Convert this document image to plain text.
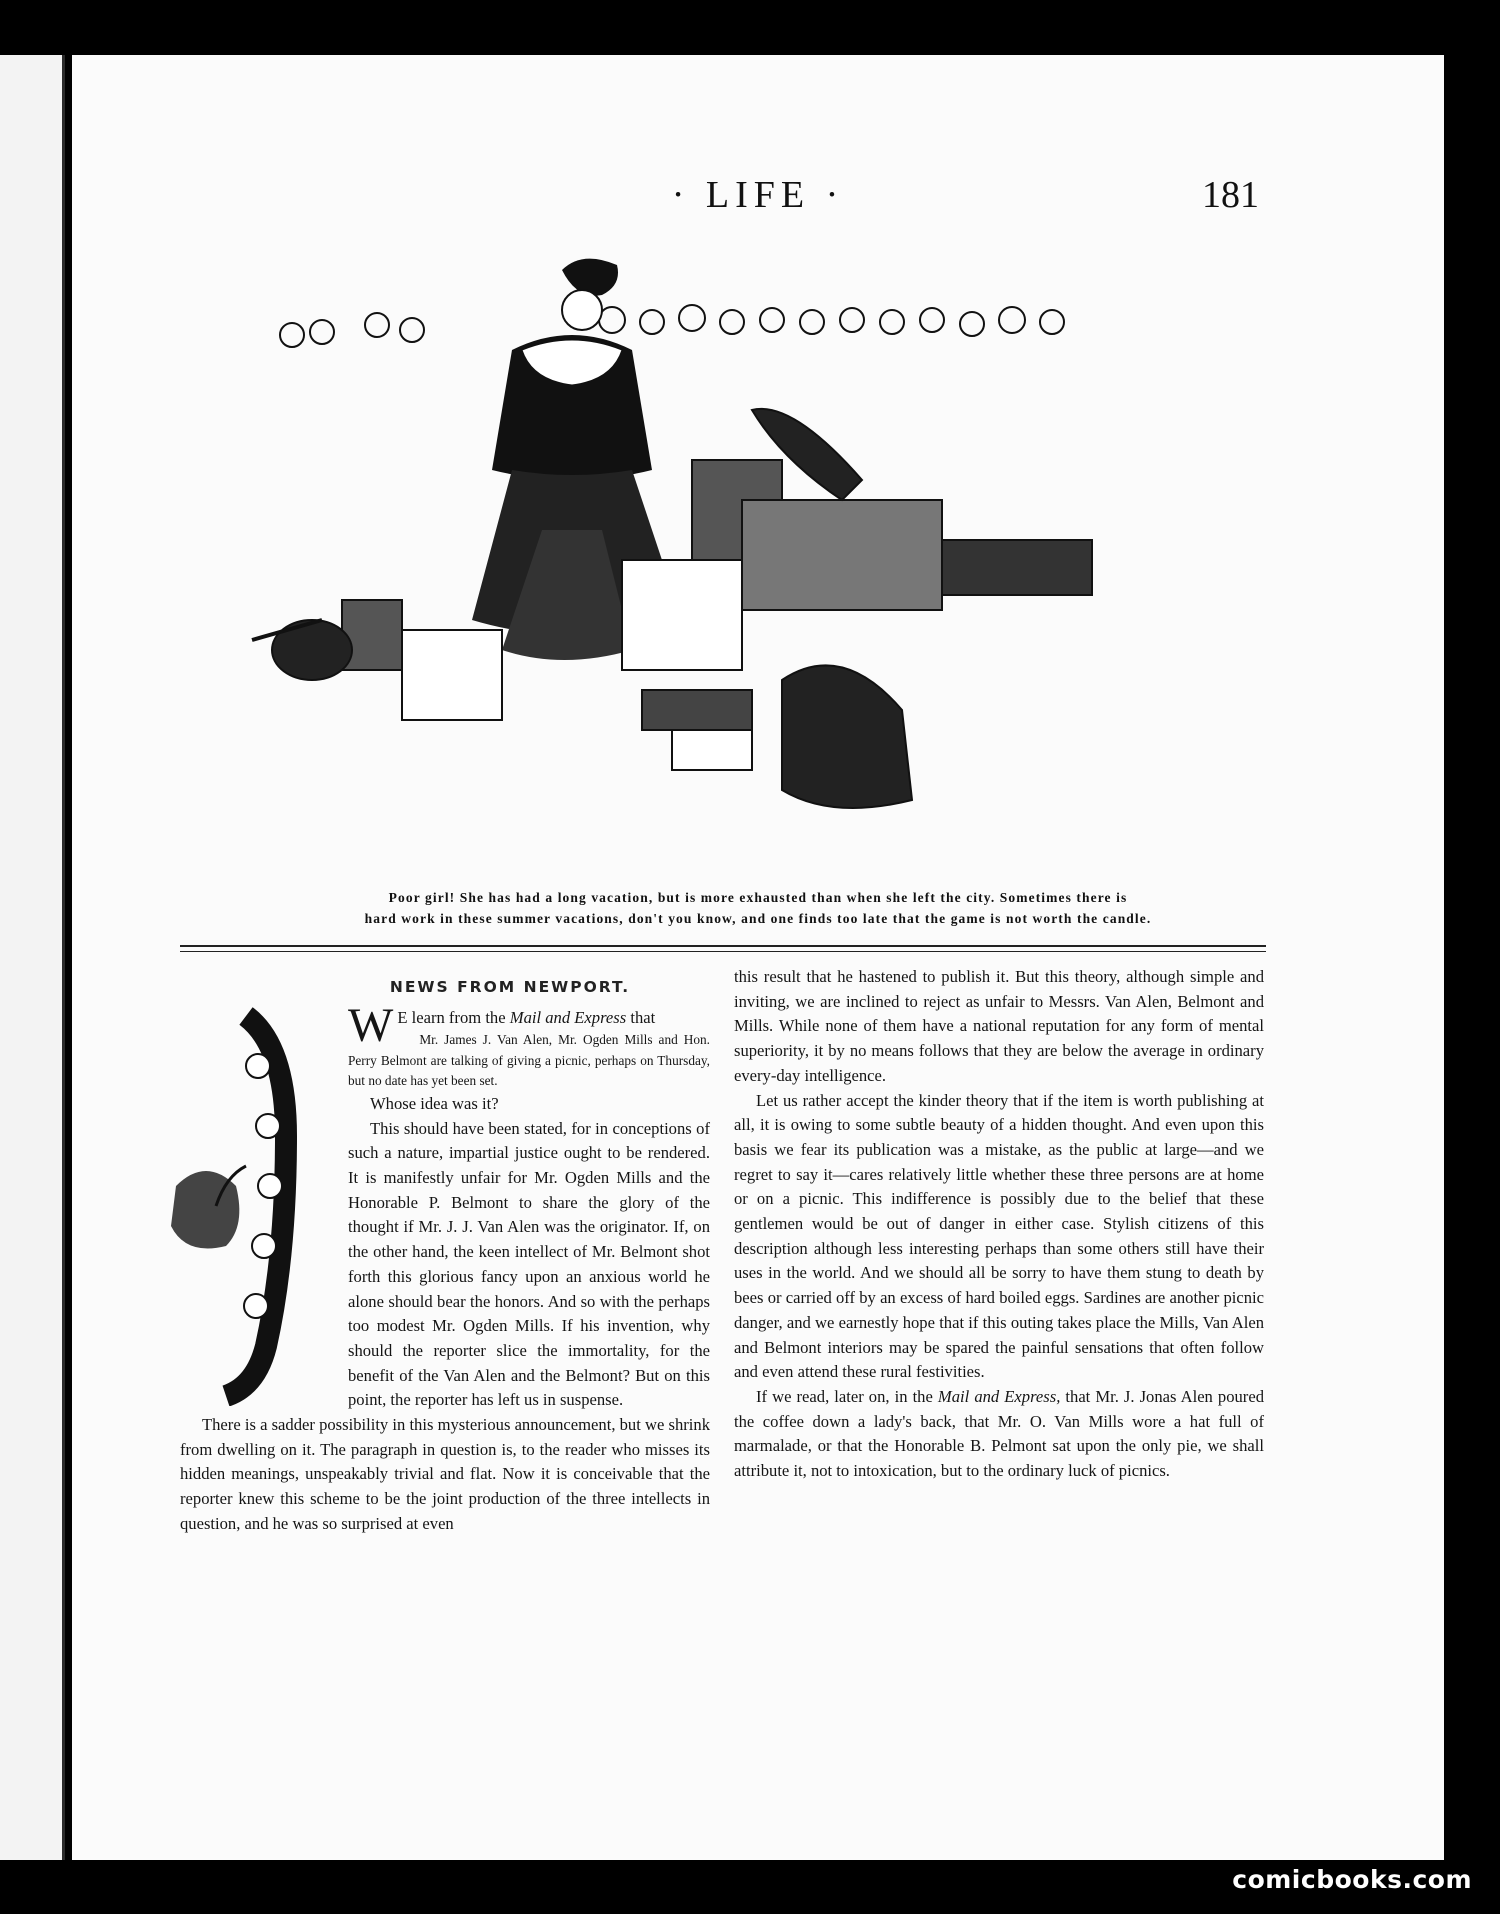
· LIFE ·	181
Poor girl! She has had a long vacation, but is more exhausted than when she left the city. Sometimes there is
hard work in these summer vacations, don't you know, and one finds too late that the game is not worth the candle.
NEWS FROM NEWPORT.

W E learn from the Mail and Express that

Mr. James J. Van Alen, Mr. Ogden Mills and Hon. Perry Belmont are talking of giving a picnic, perhaps on Thursday, but no date has yet been set.

Whose idea was it?

This should have been stated, for in conceptions of such a nature, impartial justice ought to be rendered. It is manifestly unfair for Mr. Ogden Mills and the Honorable P. Belmont to share the glory of the thought if Mr. J. J. Van Alen was the originator. If, on the other hand, the keen intellect of Mr. Belmont shot forth this glorious fancy upon an anxious world he alone should bear the honors. And so with the perhaps too modest Mr. Ogden Mills. If his invention, why should the reporter slice the immortality, for the benefit of the Van Alen and the Belmont? But on this point, the reporter has left us in suspense.

There is a sadder possibility in this mysterious announcement, but we shrink from dwelling on it. The paragraph in question is, to the reader who misses its hidden meanings, unspeakably trivial and flat. Now it is conceivable that the reporter knew this scheme to be the joint production of the three intellects in question, and he was so surprised at even

this result that he hastened to publish it. But this theory, although simple and inviting, we are inclined to reject as unfair to Messrs. Van Alen, Belmont and Mills. While none of them have a national reputation for any form of mental superiority, it by no means follows that they are below the average in ordinary every-day intelligence.

Let us rather accept the kinder theory that if the item is worth publishing at all, it is owing to some subtle beauty of a hidden thought. And even upon this basis we fear its publication was a mistake, as the public at large—and we regret to say it—cares relatively little whether these three persons are at home or on a picnic. This indifference is possibly due to the belief that these gentlemen would be out of danger in either case. Stylish citizens of this description although less interesting perhaps than some others still have their uses in the world. And we should all be sorry to have them stung to death by bees or carried off by an excess of hard boiled eggs. Sardines are another picnic danger, and we earnestly hope that if this outing takes place the Mills, Van Alen and Belmont interiors may be spared the painful sensations that often follow and even attend these rural festivities.

If we read, later on, in the Mail and Express, that Mr. J. Jonas Alen poured the coffee down a lady's back, that Mr. O. Van Mills wore a hat full of marmalade, or that the Honorable B. Pelmont sat upon the only pie, we shall attribute it, not to intoxication, but to the ordinary luck of picnics.

comicbooks.com
